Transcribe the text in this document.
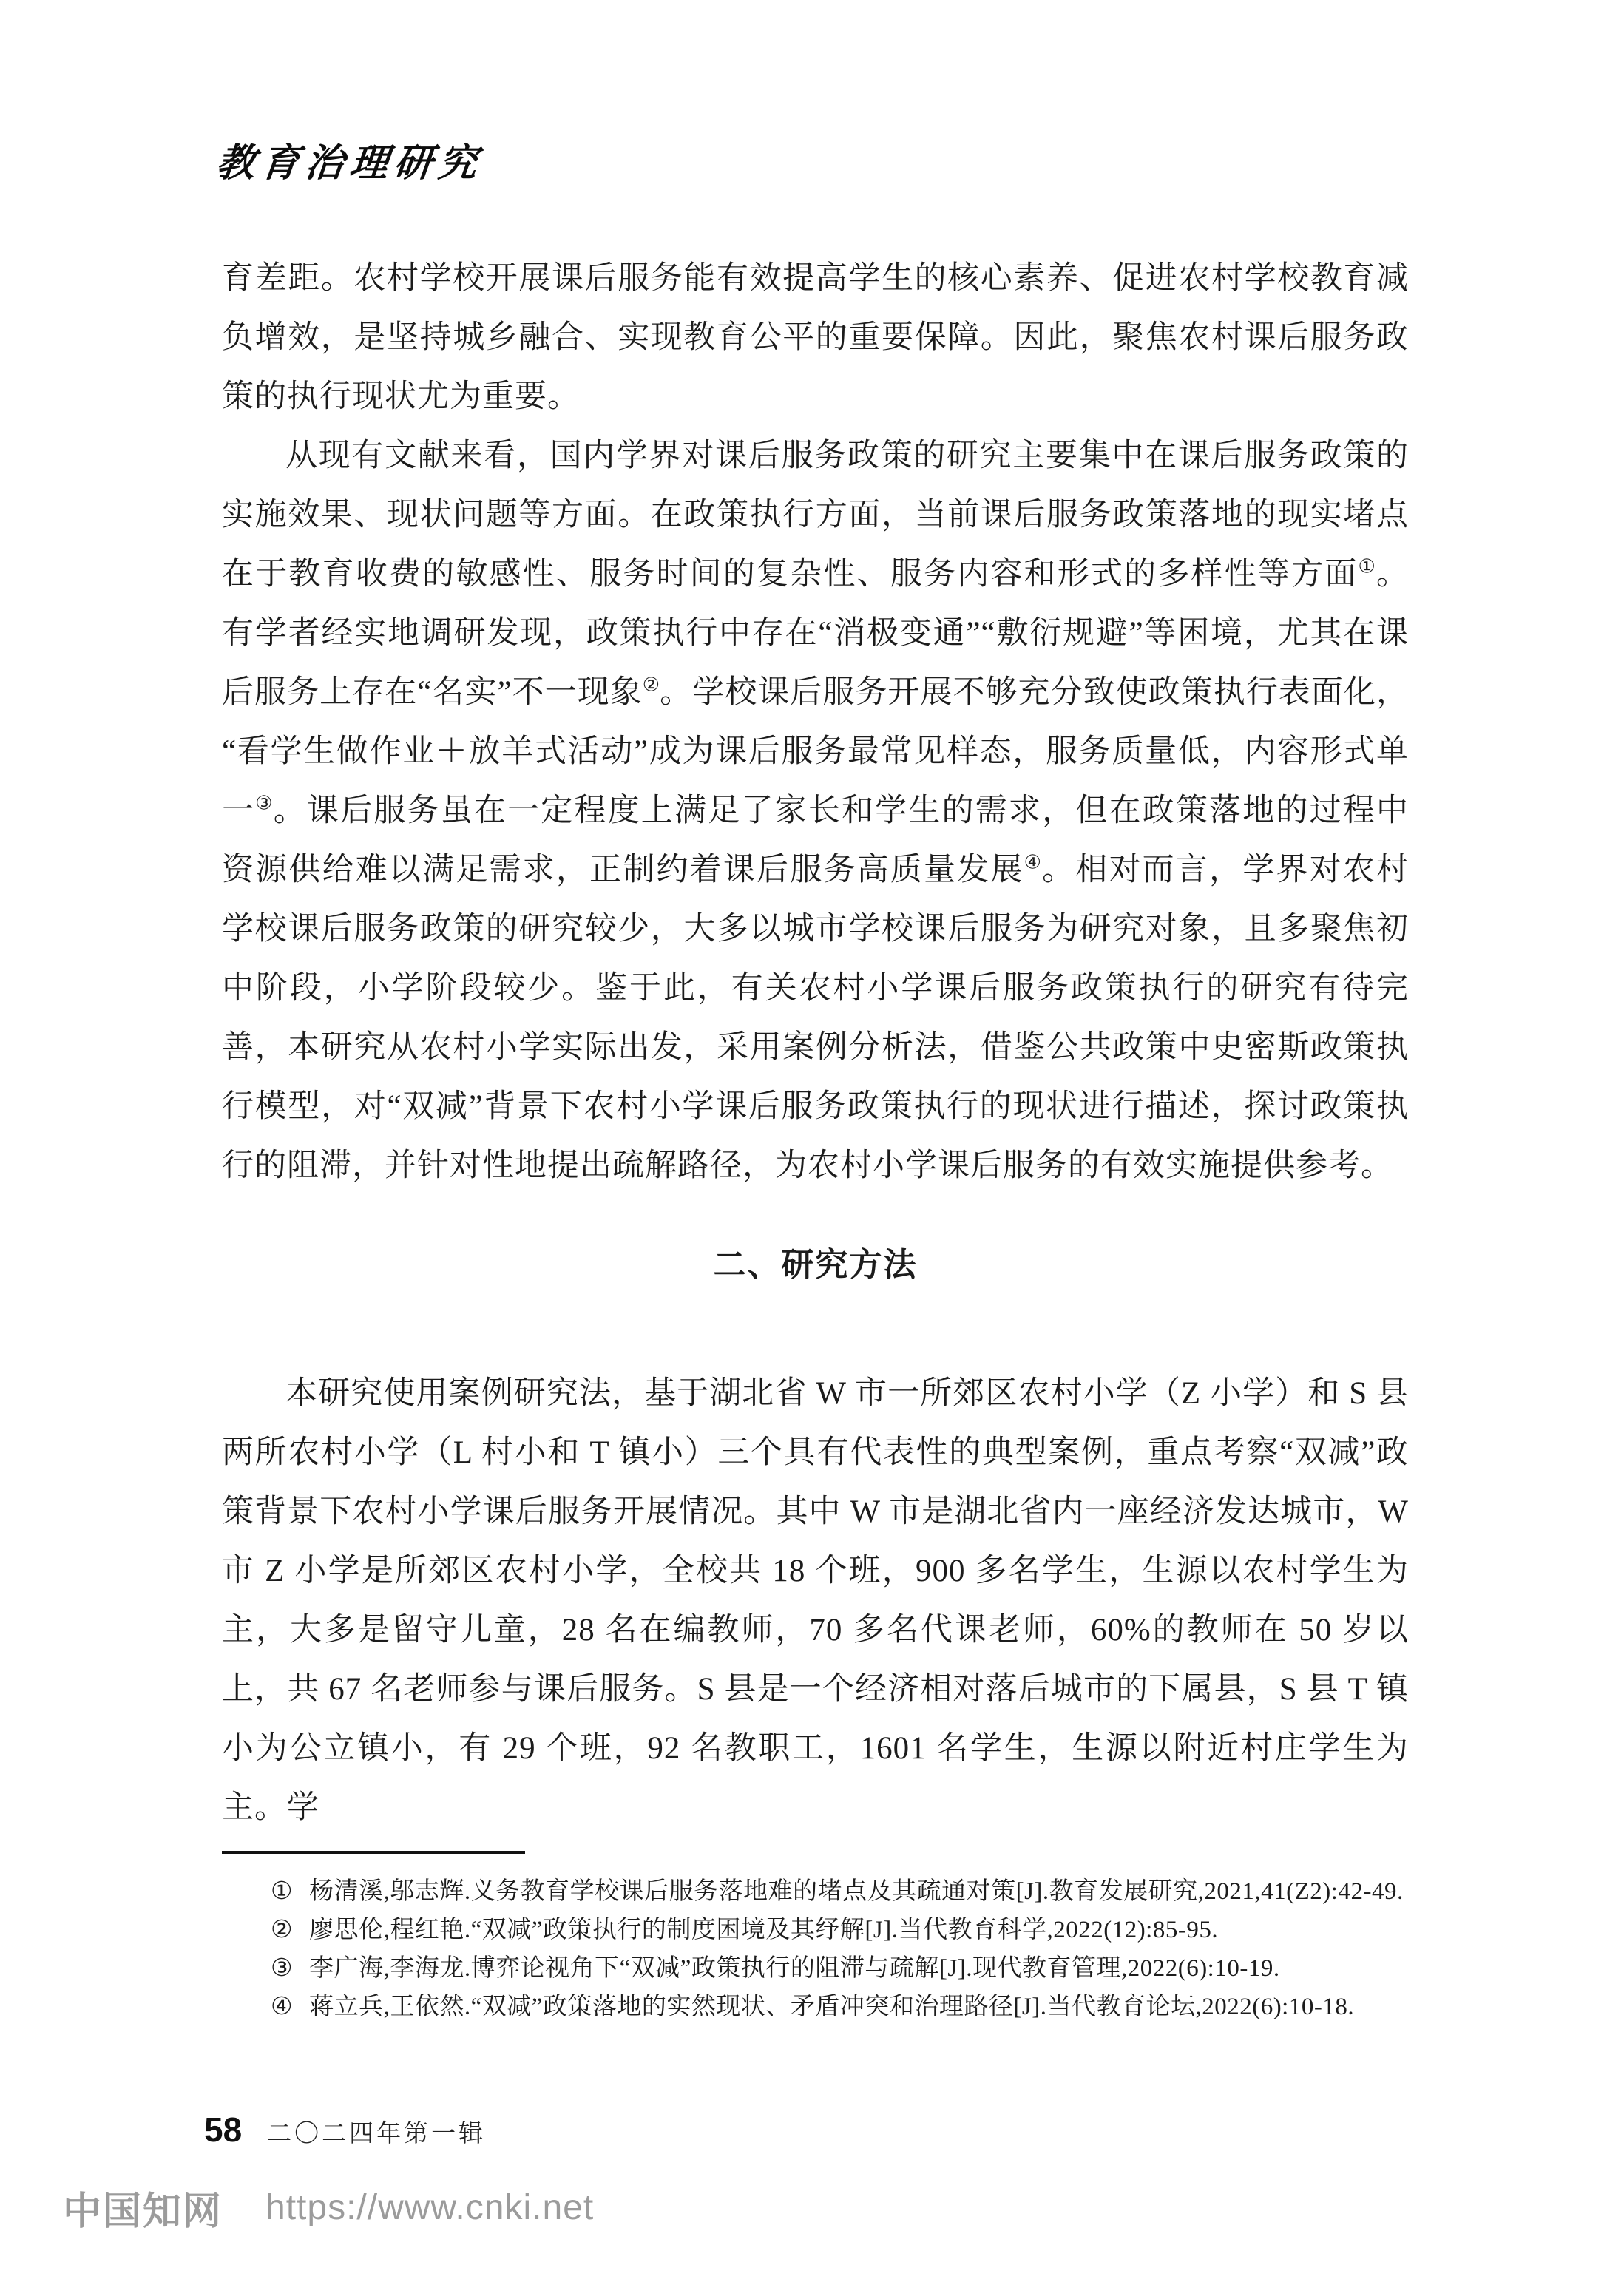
教育治理研究

育差距。农村学校开展课后服务能有效提高学生的核心素养、促进农村学校教育减负增效，是坚持城乡融合、实现教育公平的重要保障。因此，聚焦农村课后服务政策的执行现状尤为重要。

从现有文献来看，国内学界对课后服务政策的研究主要集中在课后服务政策的实施效果、现状问题等方面。在政策执行方面，当前课后服务政策落地的现实堵点在于教育收费的敏感性、服务时间的复杂性、服务内容和形式的多样性等方面①。有学者经实地调研发现，政策执行中存在“消极变通”“敷衍规避”等困境，尤其在课后服务上存在“名实”不一现象②。学校课后服务开展不够充分致使政策执行表面化，“看学生做作业＋放羊式活动”成为课后服务最常见样态，服务质量低，内容形式单一③。课后服务虽在一定程度上满足了家长和学生的需求，但在政策落地的过程中资源供给难以满足需求，正制约着课后服务高质量发展④。相对而言，学界对农村学校课后服务政策的研究较少，大多以城市学校课后服务为研究对象，且多聚焦初中阶段，小学阶段较少。鉴于此，有关农村小学课后服务政策执行的研究有待完善，本研究从农村小学实际出发，采用案例分析法，借鉴公共政策中史密斯政策执行模型，对“双减”背景下农村小学课后服务政策执行的现状进行描述，探讨政策执行的阻滞，并针对性地提出疏解路径，为农村小学课后服务的有效实施提供参考。

二、研究方法

本研究使用案例研究法，基于湖北省 W 市一所郊区农村小学（Z 小学）和 S 县两所农村小学（L 村小和 T 镇小）三个具有代表性的典型案例，重点考察“双减”政策背景下农村小学课后服务开展情况。其中 W 市是湖北省内一座经济发达城市，W 市 Z 小学是所郊区农村小学，全校共 18 个班，900 多名学生，生源以农村学生为主，大多是留守儿童，28 名在编教师，70 多名代课老师，60%的教师在 50 岁以上，共 67 名老师参与课后服务。S 县是一个经济相对落后城市的下属县，S 县 T 镇小为公立镇小，有 29 个班，92 名教职工，1601 名学生，生源以附近村庄学生为主。学

① 杨清溪,邬志辉.义务教育学校课后服务落地难的堵点及其疏通对策[J].教育发展研究,2021,41(Z2):42-49.

② 廖思伦,程红艳.“双减”政策执行的制度困境及其纾解[J].当代教育科学,2022(12):85-95.

③ 李广海,李海龙.博弈论视角下“双减”政策执行的阻滞与疏解[J].现代教育管理,2022(6):10-19.

④ 蒋立兵,王依然.“双减”政策落地的实然现状、矛盾冲突和治理路径[J].当代教育论坛,2022(6):10-18.

58 二〇二四年第一辑
中国知网 https://www.cnki.net
